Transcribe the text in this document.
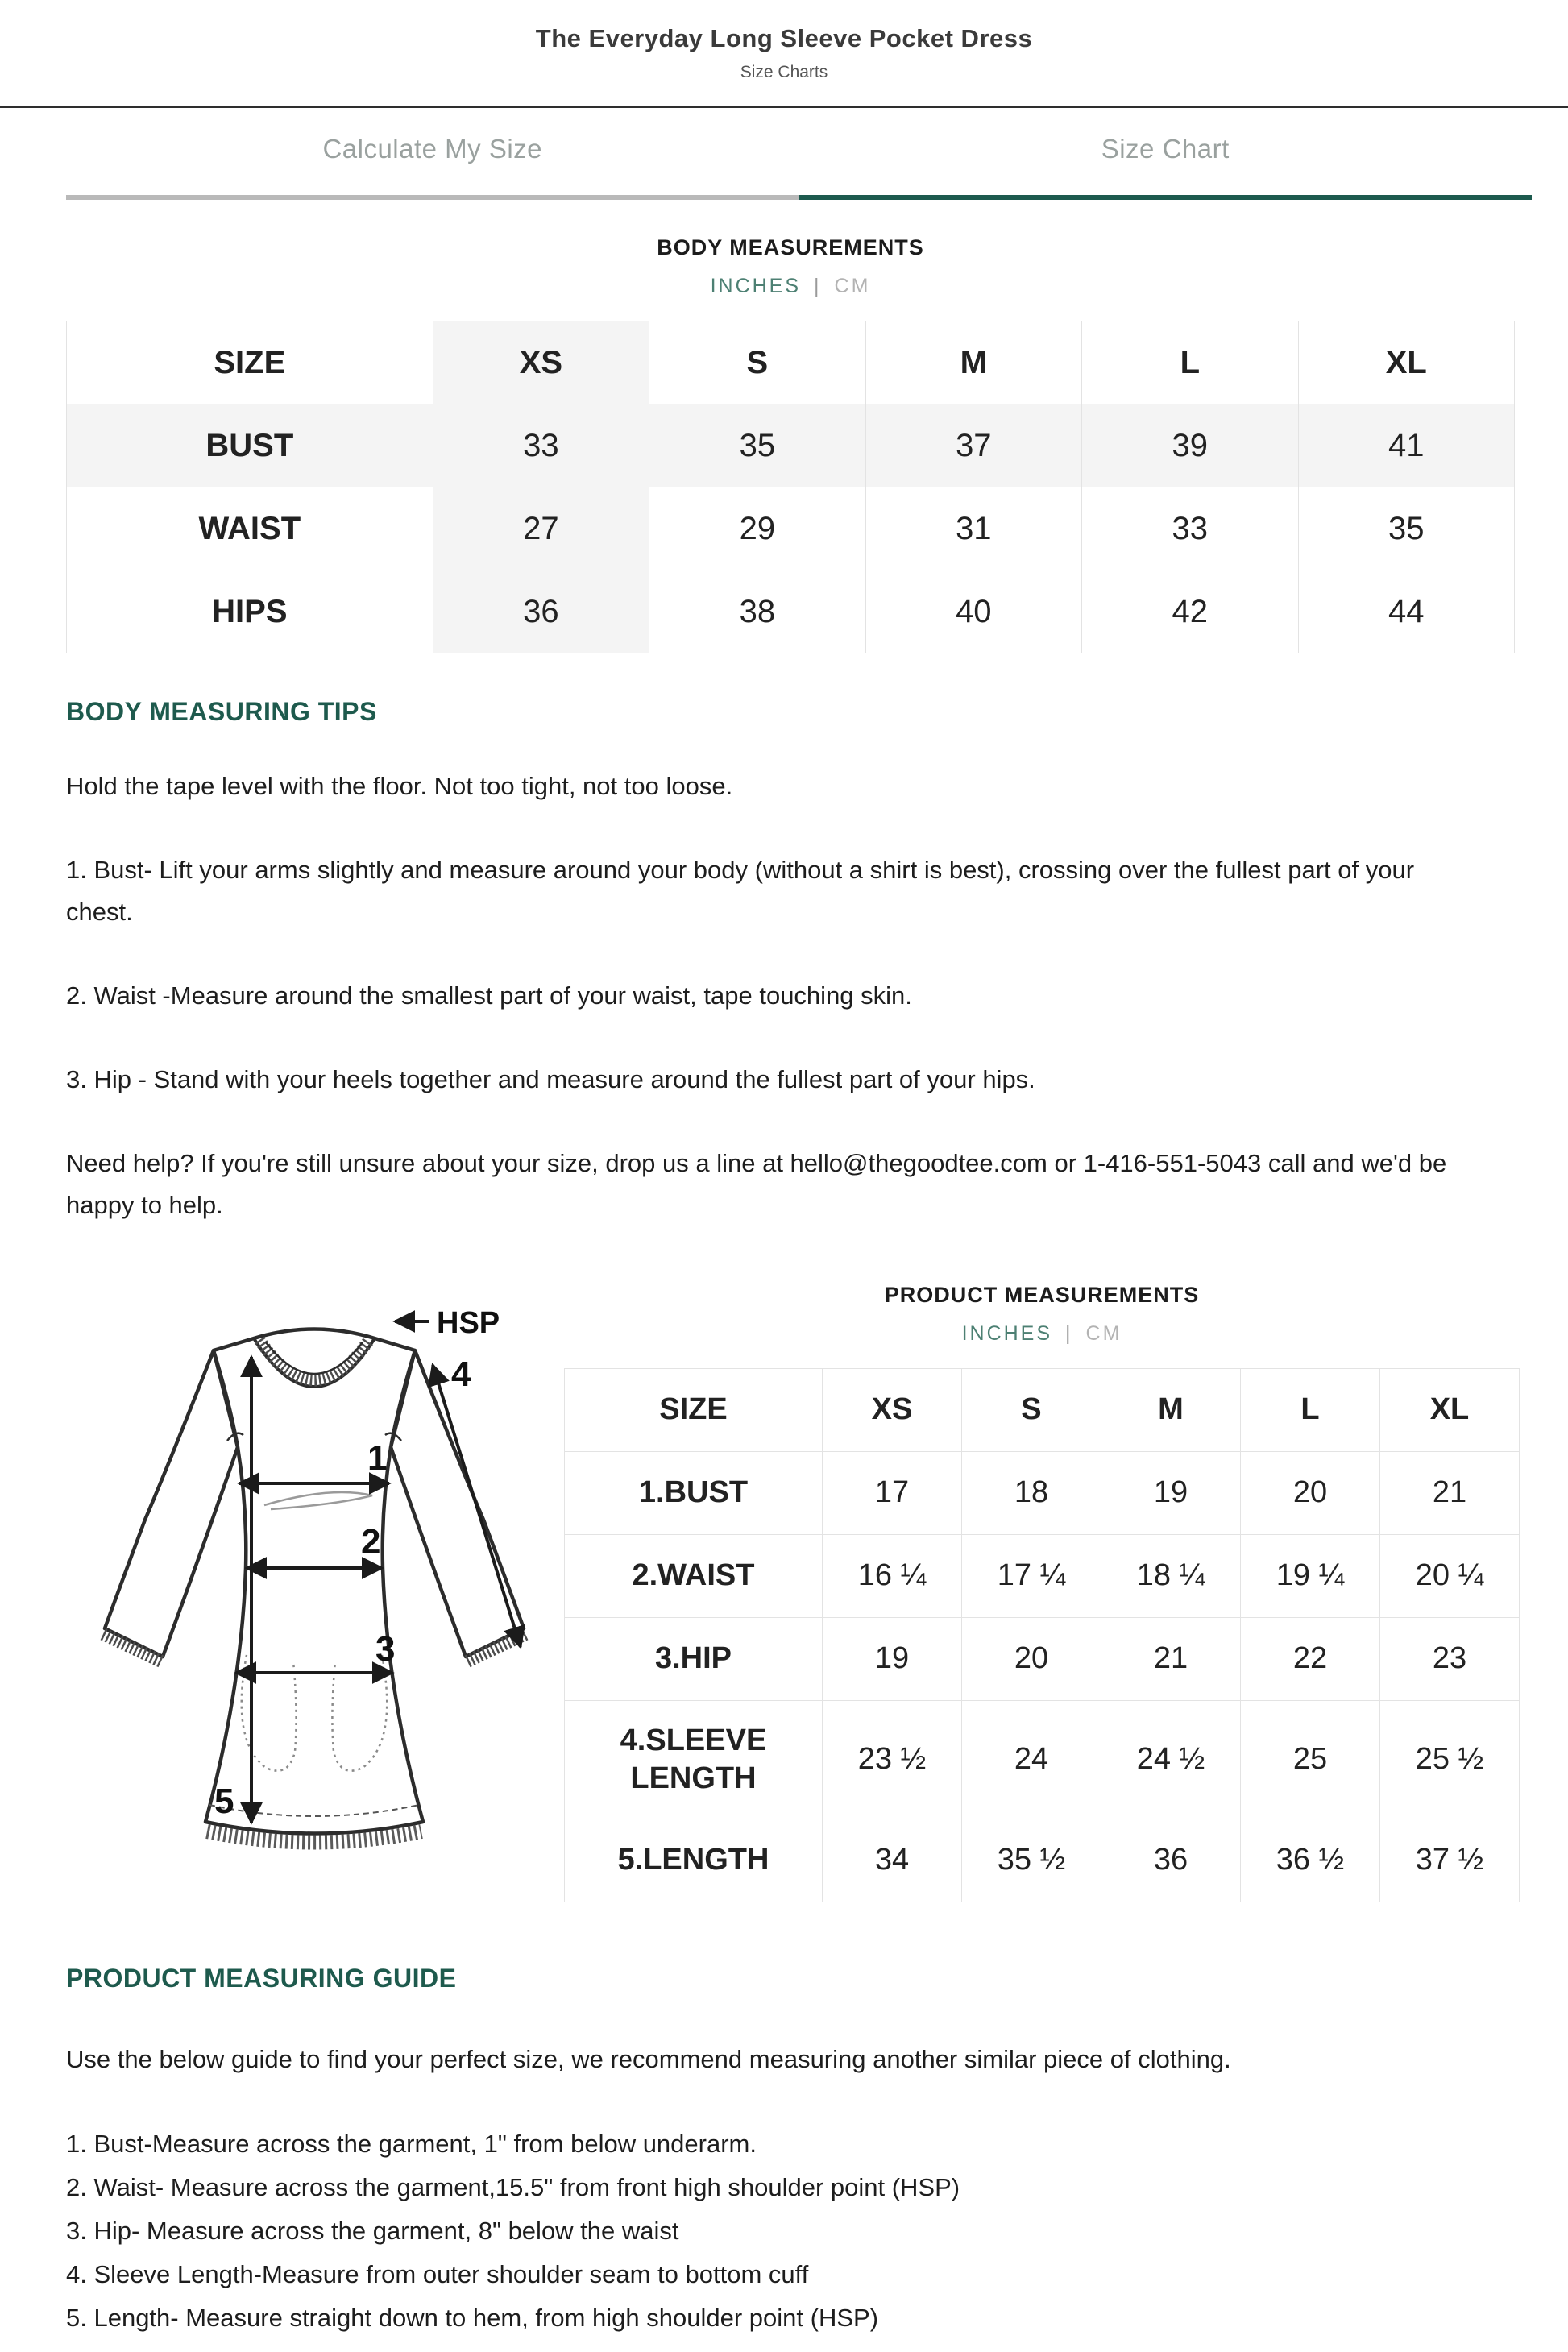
The Everyday Long Sleeve Pocket Dress
Size Charts
Calculate My Size	Size Chart
BODY MEASUREMENTS
INCHES | CM
SIZE	XS	S	M	L	XL
BUST	33	35	37	39	41
WAIST	27	29	31	33	35
HIPS	36	38	40	42	44
BODY MEASURING TIPS

Hold the tape level with the floor. Not too tight, not too loose.

1. Bust- Lift your arms slightly and measure around your body (without a shirt is best), crossing over the fullest part of your chest.

2. Waist -Measure around the smallest part of your waist, tape touching skin.

3. Hip - Stand with your heels together and measure around the fullest part of your hips.

Need help? If you're still unsure about your size, drop us a line at hello@thegoodtee.com or 1-416-551-5043 call and we'd be happy to help.

HSP
4
1
2
3
5
PRODUCT MEASUREMENTS
INCHES | CM
SIZE	XS	S	M	L	XL
1.BUST	17	18	19	20	21
2.WAIST	16 ¼	17 ¼	18 ¼	19 ¼	20 ¼
3.HIP	19	20	21	22	23
4.SLEEVE LENGTH	23 ½	24	24 ½	25	25 ½
5.LENGTH	34	35 ½	36	36 ½	37 ½
PRODUCT MEASURING GUIDE

Use the below guide to find your perfect size, we recommend measuring another similar piece of clothing.

1. Bust-Measure across the garment, 1" from below underarm.
2. Waist- Measure across the garment,15.5" from front high shoulder point (HSP)
3. Hip- Measure across the garment, 8" below the waist
4. Sleeve Length-Measure from outer shoulder seam to bottom cuff
5. Length- Measure straight down to hem, from high shoulder point (HSP)
